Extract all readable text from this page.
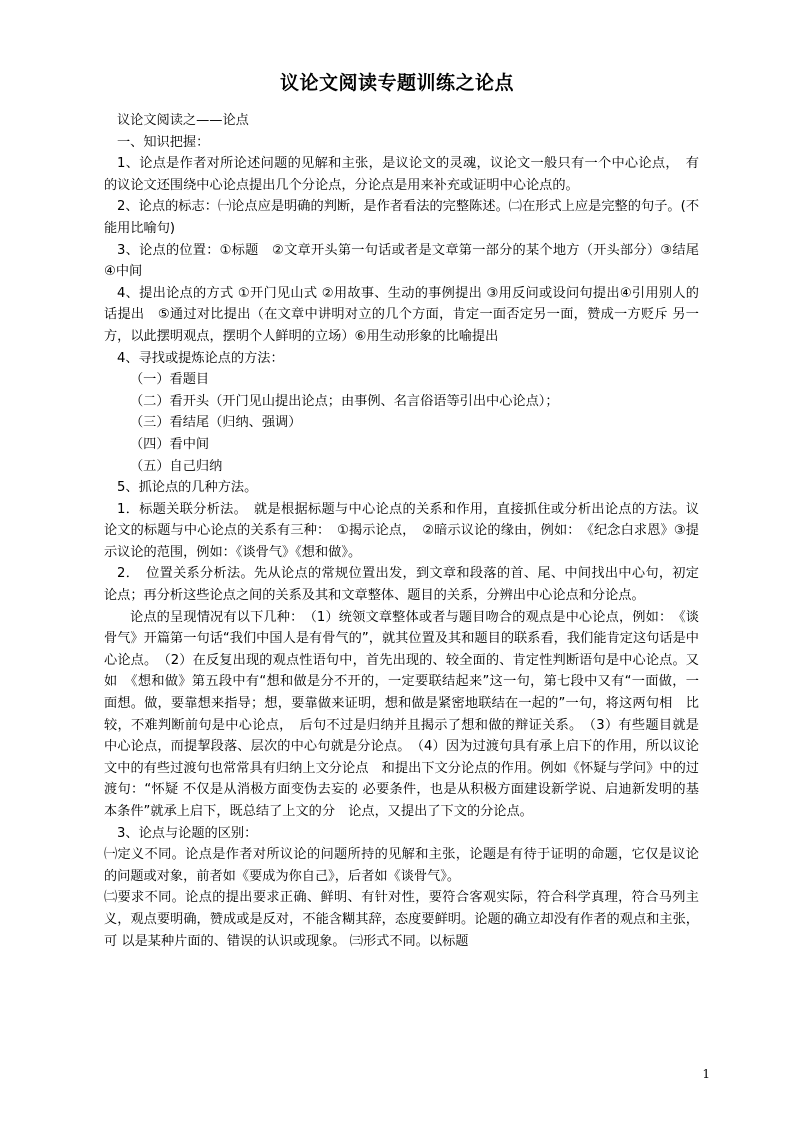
议论文阅读专题训练之论点

议论文阅读之——论点

一、知识把握：

1、论点是作者对所论述问题的见解和主张，是议论文的灵魂，议论文一般只有一个中心论点，　有的议论文还围绕中心论点提出几个分论点，分论点是用来补充或证明中心论点的。

2、论点的标志：㈠论点应是明确的判断，是作者看法的完整陈述。㈡在形式上应是完整的句子。(不能用比喻句)

3、论点的位置：①标题　②文章开头第一句话或者是文章第一部分的某个地方（开头部分）③结尾④中间

4、提出论点的方式 ①开门见山式 ②用故事、生动的事例提出 ③用反问或设问句提出④引用别人的话提出　⑤通过对比提出（在文章中讲明对立的几个方面，肯定一面否定另一面，赞成一方贬斥 另一方，以此摆明观点，摆明个人鲜明的立场）⑥用生动形象的比喻提出

4、寻找或提炼论点的方法：

（一）看题目

（二）看开头（开门见山提出论点；由事例、名言俗语等引出中心论点）；

（三）看结尾（归纳、强调）

（四）看中间

（五）自己归纳

5、抓论点的几种方法。

1．标题关联分析法。　就是根据标题与中心论点的关系和作用，直接抓住或分析出论点的方法。议论文的标题与中心论点的关系有三种：　①揭示论点，　②暗示议论的缘由，例如：　《纪念白求恩》③提示议论的范围，例如：《谈骨气》《想和做》。

2．　位置关系分析法。先从论点的常规位置出发，到文章和段落的首、尾、中间找出中心句，初定论点；再分析这些论点之间的关系及其和文章整体、题目的关系，分辨出中心论点和分论点。

论点的呈现情况有以下几种：　（1）统领文章整体或者与题目吻合的观点是中心论点，例如：　《谈骨气》开篇第一句话“我们中国人是有骨气的”，就其位置及其和题目的联系看，我们能肯定这句话是中心论点。　（2）在反复出现的观点性语句中，首先出现的、较全面的、肯定性判断语句是中心论点。又如　《想和做》第五段中有“想和做是分不开的，一定要联结起来”这一句，第七段中又有“一面做，一　面想。做，要靠想来指导；想，要靠做来证明，想和做是紧密地联结在一起的”一句，将这两句相　比较，不难判断前句是中心论点，　后句不过是归纳并且揭示了想和做的辩证关系。　（3）有些题目就是中心论点，而提挈段落、层次的中心句就是分论点。　（4）因为过渡句具有承上启下的作用，所以议论文中的有些过渡句也常常具有归纳上文分论点　和提出下文分论点的作用。例如《怀疑与学问》中的过渡句：“怀疑 不仅是从消极方面变伪去妄的 必要条件，也是从积极方面建设新学说、启迪新发明的基本条件”就承上启下，既总结了上文的分　论点，又提出了下文的分论点。

3、论点与论题的区别：

㈠定义不同。论点是作者对所议论的问题所持的见解和主张，论题是有待于证明的命题，它仅是议论 的问题或对象，前者如《要成为你自己》，后者如《谈骨气》。

㈡要求不同。论点的提出要求正确、鲜明、有针对性，要符合客观实际，符合科学真理，符合马列主义，观点要明确，赞成或是反对，不能含糊其辞，态度要鲜明。论题的确立却没有作者的观点和主张，可 以是某种片面的、错误的认识或现象。 ㈢形式不同。以标题

1
